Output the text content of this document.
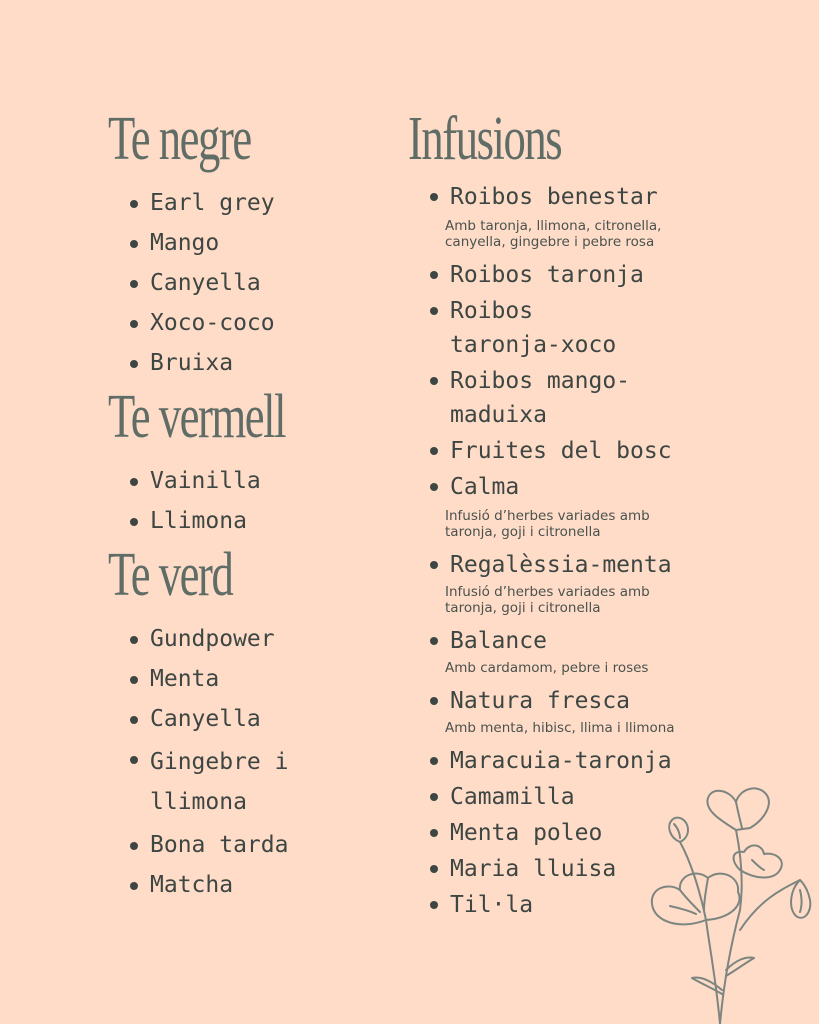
Te negre
Earl grey
Mango
Canyella
Xoco-coco
Bruixa
Te vermell
Vainilla
Llimona
Te verd
Gundpower
Menta
Canyella
Gingebre i llimona
Bona tarda
Matcha
Infusions
Roibos benestar
Amb taronja, llimona, citronella, canyella, gingebre i pebre rosa
Roibos taronja
Roibos taronja-xoco
Roibos mango-maduixa
Fruites del bosc
Calma
Infusió d’herbes variades amb taronja, goji i citronella
Regalèssia-menta
Infusió d’herbes variades amb taronja, goji i citronella
Balance
Amb cardamom, pebre i roses
Natura fresca
Amb menta, hibisc, llima i llimona
Maracuia-taronja
Camamilla
Menta poleo
Maria lluisa
Til·la
